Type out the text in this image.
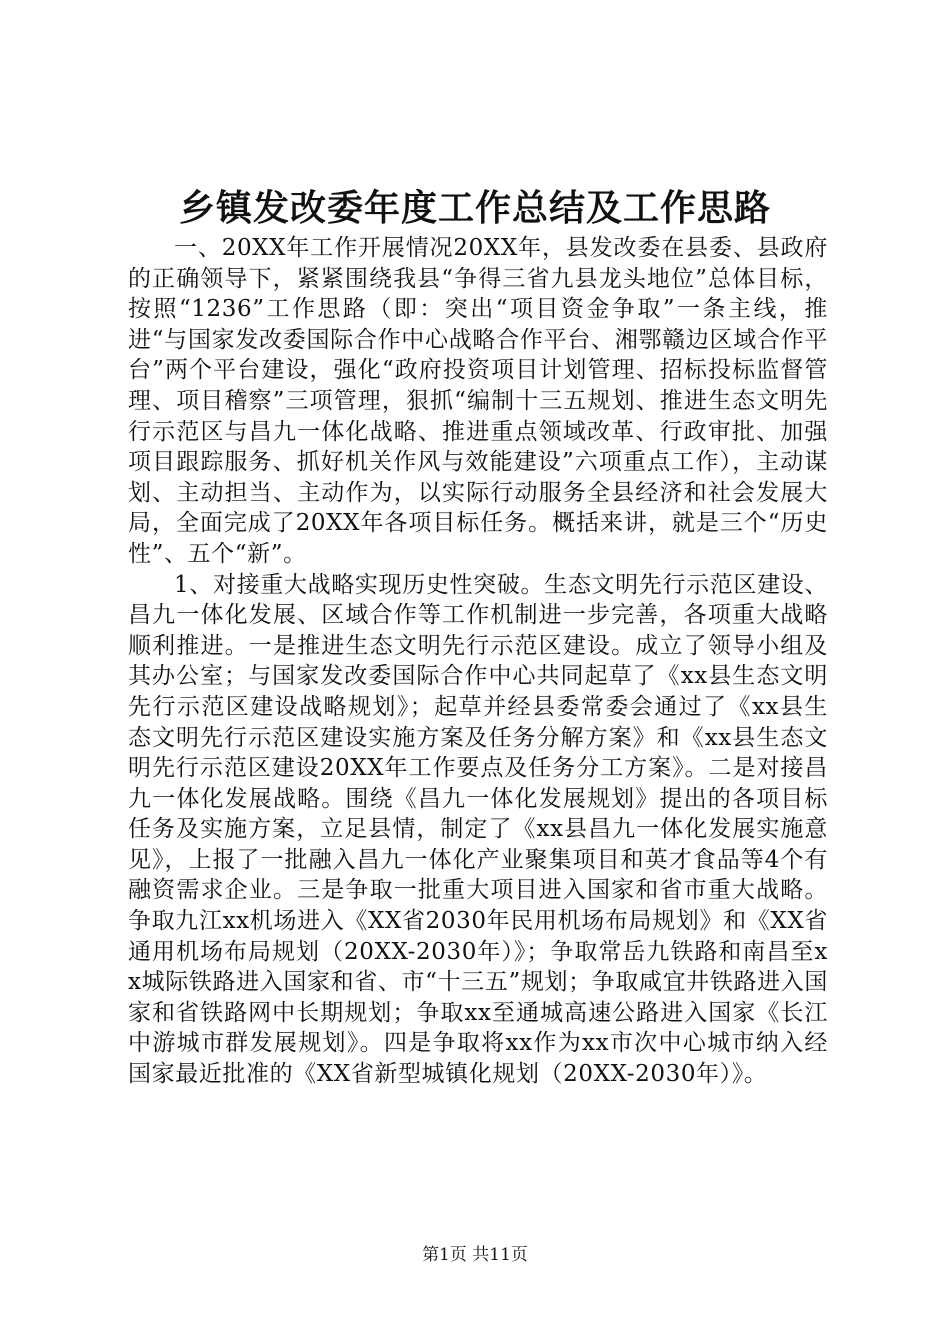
乡镇发改委年度工作总结及工作思路

一、20XX年工作开展情况20XX年，县发改委在县委、县政府的正确领导下，紧紧围绕我县“争得三省九县龙头地位”总体目标，按照“1236”工作思路（即：突出“项目资金争取”一条主线，推进“与国家发改委国际合作中心战略合作平台、湘鄂赣边区域合作平台”两个平台建设，强化“政府投资项目计划管理、招标投标监督管理、项目稽察”三项管理，狠抓“编制十三五规划、推进生态文明先行示范区与昌九一体化战略、推进重点领域改革、行政审批、加强项目跟踪服务、抓好机关作风与效能建设”六项重点工作），主动谋划、主动担当、主动作为，以实际行动服务全县经济和社会发展大局，全面完成了20XX年各项目标任务。概括来讲，就是三个“历史性”、五个“新”。

1、对接重大战略实现历史性突破。生态文明先行示范区建设、昌九一体化发展、区域合作等工作机制进一步完善，各项重大战略顺利推进。一是推进生态文明先行示范区建设。成立了领导小组及其办公室；与国家发改委国际合作中心共同起草了《xx县生态文明先行示范区建设战略规划》；起草并经县委常委会通过了《xx县生态文明先行示范区建设实施方案及任务分解方案》和《xx县生态文明先行示范区建设20XX年工作要点及任务分工方案》。二是对接昌九一体化发展战略。围绕《昌九一体化发展规划》提出的各项目标任务及实施方案，立足县情，制定了《xx县昌九一体化发展实施意见》，上报了一批融入昌九一体化产业聚集项目和英才食品等4个有融资需求企业。三是争取一批重大项目进入国家和省市重大战略。争取九江xx机场进入《XX省2030年民用机场布局规划》和《XX省通用机场布局规划（20XX-2030年）》；争取常岳九铁路和南昌至xx城际铁路进入国家和省、市“十三五”规划；争取咸宜井铁路进入国家和省铁路网中长期规划；争取xx至通城高速公路进入国家《长江中游城市群发展规划》。四是争取将xx作为xx市次中心城市纳入经国家最近批准的《XX省新型城镇化规划（20XX-2030年）》。

第1页 共11页
